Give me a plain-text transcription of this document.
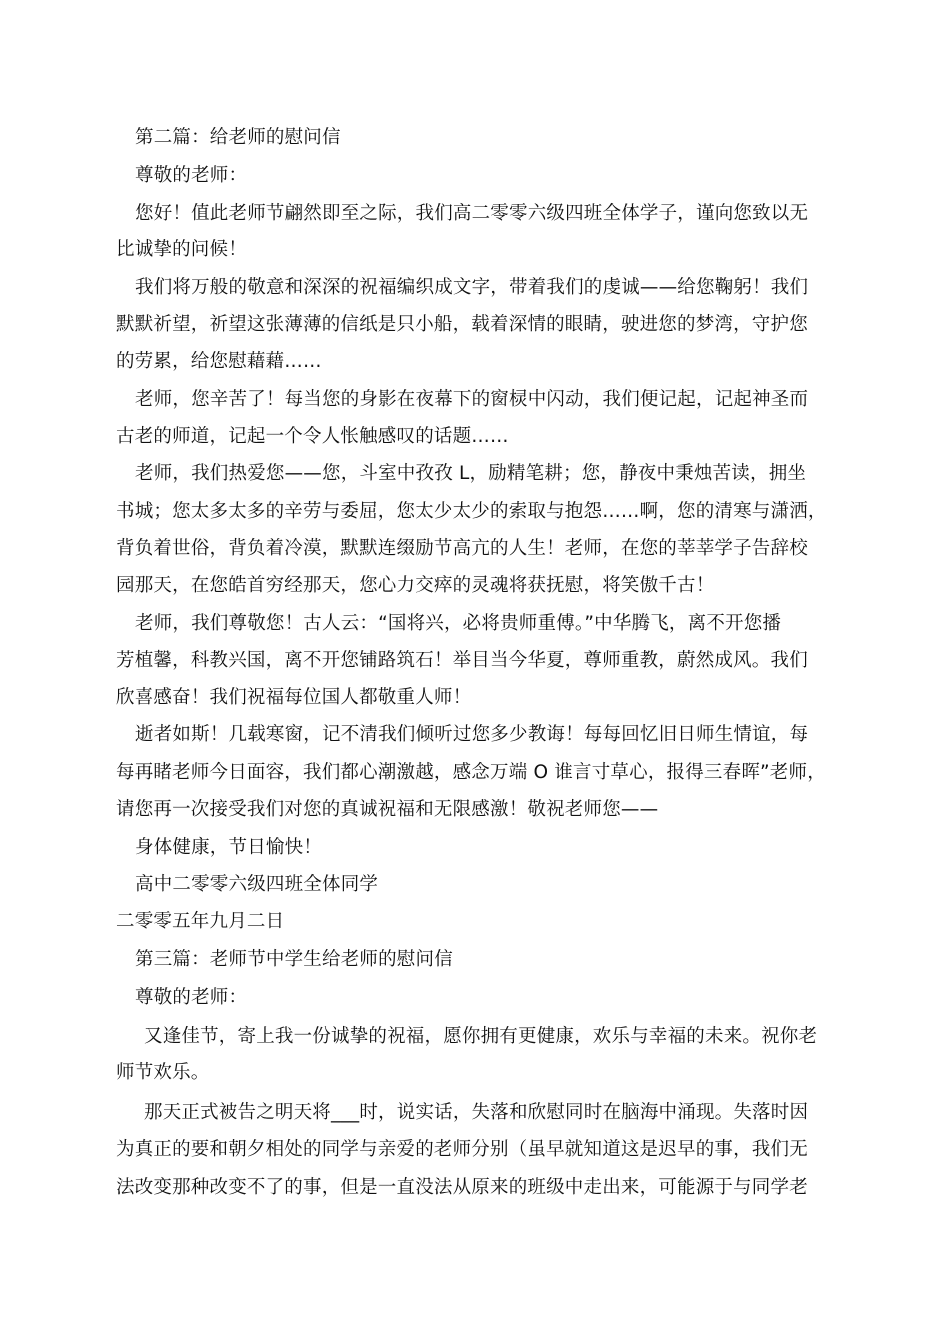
第二篇：给老师的慰问信
尊敬的老师：
您好！值此老师节翩然即至之际，我们高二零零六级四班全体学子，谨向您致以无
比诚挚的问候！
我们将万般的敬意和深深的祝福编织成文字，带着我们的虔诚——给您鞠躬！我们
默默祈望，祈望这张薄薄的信纸是只小船，载着深情的眼睛，驶进您的梦湾，守护您
的劳累，给您慰藉藉……
老师，您辛苦了！每当您的身影在夜幕下的窗棂中闪动，我们便记起，记起神圣而
古老的师道，记起一个令人怅触感叹的话题……
老师，我们热爱您——您，斗室中孜孜 L，励精笔耕；您，静夜中秉烛苦读，拥坐
书城；您太多太多的辛劳与委屈，您太少太少的索取与抱怨……啊，您的清寒与潇洒，
背负着世俗，背负着冷漠，默默连缀励节高亢的人生！老师，在您的莘莘学子告辞校
园那天，在您皓首穷经那天，您心力交瘁的灵魂将获抚慰，将笑傲千古！
老师，我们尊敬您！古人云：“国将兴，必将贵师重傅。”中华腾飞，离不开您播
芳植馨，科教兴国，离不开您铺路筑石！举目当今华夏，尊师重教，蔚然成风。我们
欣喜感奋！我们祝福每位国人都敬重人师！
逝者如斯！几载寒窗，记不清我们倾听过您多少教诲！每每回忆旧日师生情谊，每
每再睹老师今日面容，我们都心潮激越，感念万端 O 谁言寸草心，报得三春晖”老师，
请您再一次接受我们对您的真诚祝福和无限感激！敬祝老师您——
身体健康，节日愉快！
高中二零零六级四班全体同学
二零零五年九月二日
第三篇：老师节中学生给老师的慰问信
尊敬的老师：
又逢佳节，寄上我一份诚挚的祝福，愿你拥有更健康，欢乐与幸福的未来。祝你老
师节欢乐。
那天正式被告之明天将___时，说实话，失落和欣慰同时在脑海中涌现。失落时因
为真正的要和朝夕相处的同学与亲爱的老师分别（虽早就知道这是迟早的事，我们无
法改变那种改变不了的事，但是一直没法从原来的班级中走出来，可能源于与同学老
